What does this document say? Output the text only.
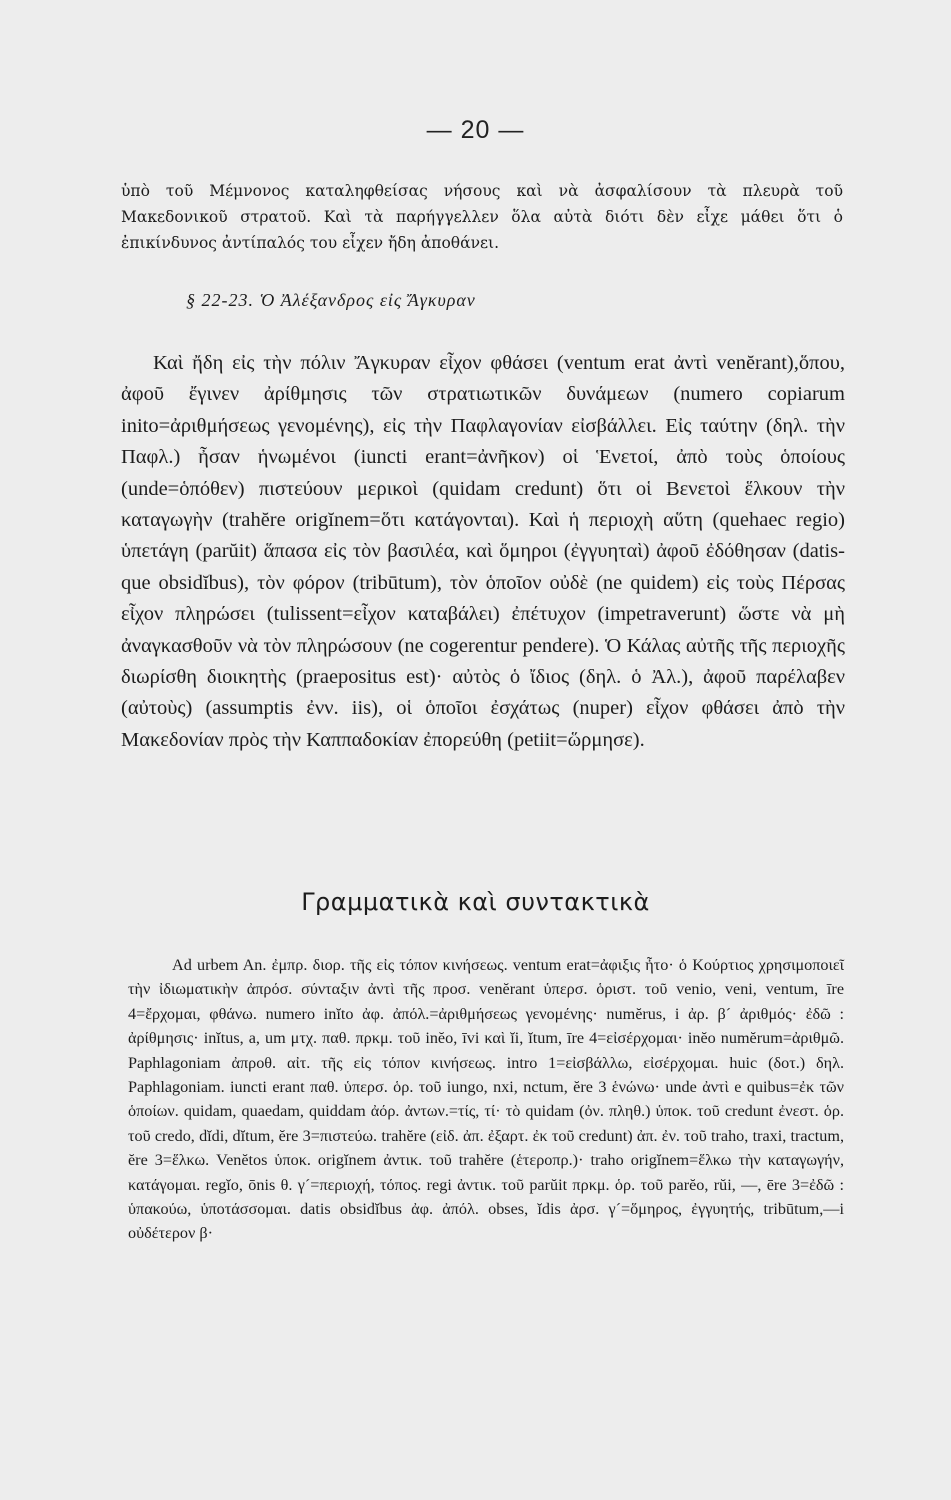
— 20 —
ὑπὸ τοῦ Μέμνονος καταληφθείσας νήσους καὶ νὰ ἀσφαλίσουν τὰ πλευρὰ τοῦ Μακεδονικοῦ στρατοῦ. Καὶ τὰ παρήγγελλεν ὅλα αὐτὰ διότι δὲν εἶχε μάθει ὅτι ὁ ἐπικίνδυνος ἀντίπαλός του εἶχεν ἤδη ἀποθάνει.
§ 22-23. Ὁ Ἀλέξανδρος εἰς Ἄγκυραν

Καὶ ἤδη εἰς τὴν πόλιν Ἄγκυραν εἶχον φθάσει (ventum erat ἀντὶ venĕrant),ὅπου, ἀφοῦ ἔγινεν ἀρίθμησις τῶν στρατιωτικῶν δυνάμεων (numero copiarum inito=ἀριθμήσεως γενομένης), εἰς τὴν Παφλαγονίαν εἰσβάλλει. Εἰς ταύτην (δηλ. τὴν Παφλ.) ἦσαν ἡνωμένοι (iuncti erant=ἀνῆκον) οἱ Ἑνετοί, ἀπὸ τοὺς ὁποίους (unde=ὁπόθεν) πιστεύουν μερικοὶ (quidam credunt) ὅτι οἱ Βενετοὶ ἕλκουν τὴν καταγωγὴν (trahĕre origĭnem=ὅτι κατάγονται). Καὶ ἡ περιοχὴ αὕτη (quehaec regio) ὑπετάγη (parŭit) ἅπασα εἰς τὸν βασιλέα, καὶ ὅμηροι (ἐγγυηταὶ) ἀφοῦ ἐδόθησαν (datis-que obsidĭbus), τὸν φόρον (tribūtum), τὸν ὁποῖον οὐδὲ (ne quidem) εἰς τοὺς Πέρσας εἶχον πληρώσει (tulissent=εἶχον καταβάλει) ἐπέτυχον (impetraverunt) ὥστε νὰ μὴ ἀναγκασθοῦν νὰ τὸν πληρώσουν (ne cogerentur pendere). Ὁ Κάλας αὐτῆς τῆς περιοχῆς διωρίσθη διοικητὴς (praepositus est)· αὐτὸς ὁ ἴδιος (δηλ. ὁ Ἀλ.), ἀφοῦ παρέλαβεν (αὐτοὺς) (assumptis ἐνν. iis), οἱ ὁποῖοι ἐσχάτως (nuper) εἶχον φθάσει ἀπὸ τὴν Μακεδονίαν πρὸς τὴν Καππαδοκίαν ἐπορεύθη (petiit=ὥρμησε).

Γραμματικὰ καὶ συντακτικὰ

Ad urbem An. ἐμπρ. διορ. τῆς εἰς τόπον κινήσεως. ventum erat=ἀφιξις ἦτο· ὁ Κούρτιος χρησιμοποιεῖ τὴν ἰδιωματικὴν ἀπρόσ. σύνταξιν ἀντὶ τῆς προσ. venĕrant ὑπερσ. ὁριστ. τοῦ venio, veni, ventum, īre 4=ἔρχομαι, φθάνω. numero inĭto ἀφ. ἀπόλ.=ἀριθμήσεως γενομένης· numĕrus, i ἀρ. β´ ἀριθμός· ἐδῶ : ἀρίθμησις· inĭtus, a, um μτχ. παθ. πρκμ. τοῦ inĕo, īvi καὶ ĭi, ĭtum, īre 4=εἰσέρχομαι· inĕo numĕrum=ἀριθμῶ. Paphlagoniam ἀπροθ. αἰτ. τῆς εἰς τόπον κινήσεως. intro 1=εἰσβάλλω, εἰσέρχομαι. huic (δοτ.) δηλ. Paphlagoniam. iuncti erant παθ. ὑπερσ. ὁρ. τοῦ iungo, nxi, nctum, ĕre 3 ἑνώνω· unde ἀντὶ e quibus=ἐκ τῶν ὁποίων. quidam, quaedam, quiddam ἀόρ. ἀντων.=τίς, τί· τὸ quidam (ὀν. πληθ.) ὑποκ. τοῦ credunt ἐνεστ. ὁρ. τοῦ credo, dĭdi, dĭtum, ĕre 3=πιστεύω. trahĕre (εἰδ. ἀπ. ἐξαρτ. ἐκ τοῦ credunt) ἀπ. ἐν. τοῦ traho, traxi, tractum, ĕre 3=ἕλκω. Venĕtos ὑποκ. origĭnem ἀντικ. τοῦ trahĕre (ἑτεροπρ.)· traho origĭnem=ἕλκω τὴν καταγωγήν, κατάγομαι. regĭo, ōnis θ. γ´=περιοχή, τόπος. regi ἀντικ. τοῦ parŭit πρκμ. ὁρ. τοῦ parĕo, rŭi, —, ēre 3=ἐδῶ : ὑπακούω, ὑποτάσσομαι. datis obsidĭbus ἀφ. ἀπόλ. obses, ĭdis ἀρσ. γ´=ὅμηρος, ἐγγυητής, tribūtum,—i οὐδέτερον β·
